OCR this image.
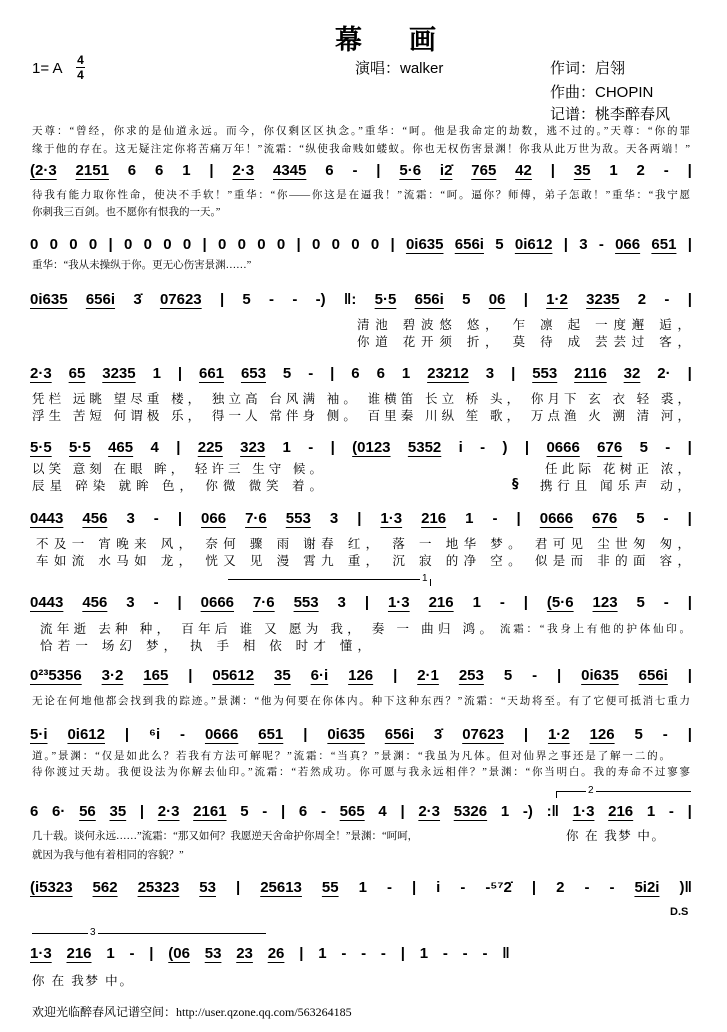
幕　画
1= A 4
4	演唱：walker	作词：启翎
作曲：CHOPIN
记谱：桃李醉春风
天尊：“曾经，你求的是仙道永远。而今，你仅剩区区执念。”重华：“呵。他是我命定的劫数，逃不过的。”天尊：“你的罪
缘于他的存在。这无疑注定你将苦痛万年！”流霜：“纵使我命贱如蝼蚁。你也无权伤害景渊！你我从此万世为敌。天各两端！”
(2·3 2151 6 6 1 | 2·3 4345 6 - | 5·6 i2̇ 765 42 | 35 1 2 - |
待我有能力取你性命，使决不手软！”重华：“你——你这是在逼我！”流霜：“呵。逼你？师傅，弟子怎敢！”重华：“我宁愿
你刺我三百剑。也不愿你有恨我的一天。”
0 0 0 0 | 0 0 0 0 | 0 0 0 0 | 0 0 0 0 | 0i635 656i 5 0i612 | 3 - 066 651 |
重华：“我从未操纵于你。更无心伤害景渊……”
0i635 656i 3̇ 07623 | 5 - - -) ‖: 5·5 656i 5 06 | 1·2 3235 2 - |
清池 碧波悠 悠， 乍 凛 起 一度邂 逅，
你道 花开须 折， 莫 待 成 芸芸过 客，
2·3 65 3235 1 | 661 653 5 - | 6 6 1 23212 3 | 553 2116 32 2· |
凭栏 远眺 望尽重 楼， 独立高 台风满 袖。 谁横笛 长立 桥 头， 你月下 玄 衣 轻 裘，
浮生 苦短 何谓极 乐， 得一人 常伴身 侧。 百里秦 川纵 笙 歌， 万点渔 火 溯 清 河，
5·5 5·5 465 4 | 225 323 1 - | (0123 5352 i - ) | 0666 676 5 - |
以笑 意刻 在眼 眸， 轻许三 生守 候。	任此际 花树正 浓，
辰星 碎染 就眸 色， 你微 微笑 着。	§ 携行且 闻乐声 动，
0443 456 3 - | 066 7·6 553 3 | 1·3 216 1 - | 0666 676 5 - |
不及一 宵晚来 风， 奈何 骤 雨 谢春 红， 落 一 地华 梦。 君可见 尘世匆 匆，
车如流 水马如 龙， 恍又 见 漫 霄九 重， 沉 寂 的净 空。 似是而 非的面 容，
1
0443 456 3 - | 0666 7·6 553 3 | 1·3 216 1 - | (5·6 123 5 - |
流年逝 去种 种， 百年后 谁 又 愿为 我， 奏 一 曲归 鸿。 流霜：“我身上有他的护体仙印。
恰若一 场幻 梦， 执 手 相 依 时才 懂，
0²³5356 3·2 165 | 05612 35 6·i 126 | 2·1 253 5 - | 0i635 656i |
无论在何地他都会找到我的踪迹。”景渊：“他为何要在你体内。种下这种东西？”流霜：“天劫将至。有了它便可抵消七重力
5·i 0i612 | ⁶i - 0666 651 | 0i635 656i 3̇ 07623 | 1·2 126 5 - |
道。”景渊：“仅是如此么？若我有方法可解呢？”流霜：“当真？”景渊：“我虽为凡体。但对仙界之事还是了解一二的。
待你渡过天劫。我便设法为你解去仙印。”流霜：“若然成功。你可愿与我永远相伴？”景渊：“你当明白。我的寿命不过寥寥
2
6 6· 56 35 | 2·3 2161 5 - | 6 - 565 4 | 2·3 5326 1 -) :‖ 1·3 216 1 - |
几十载。谈何永远……”流霜：“那又如何？我愿逆天舍命护你周全！”景渊：“呵呵，	你 在 我梦 中。
就因为我与他有着相同的容貌？”
(i5323 562 25323 53 | 25613 55 1 - | i - -⁵⁷2̇ | 2 - - 5i2i )‖
D.S
3
1·3 216 1 - | (06 53 23 26 | 1 - - - | 1 - - - ‖
你 在 我梦 中。
欢迎光临醉春风记谱空间：http://user.qzone.qq.com/563264185
